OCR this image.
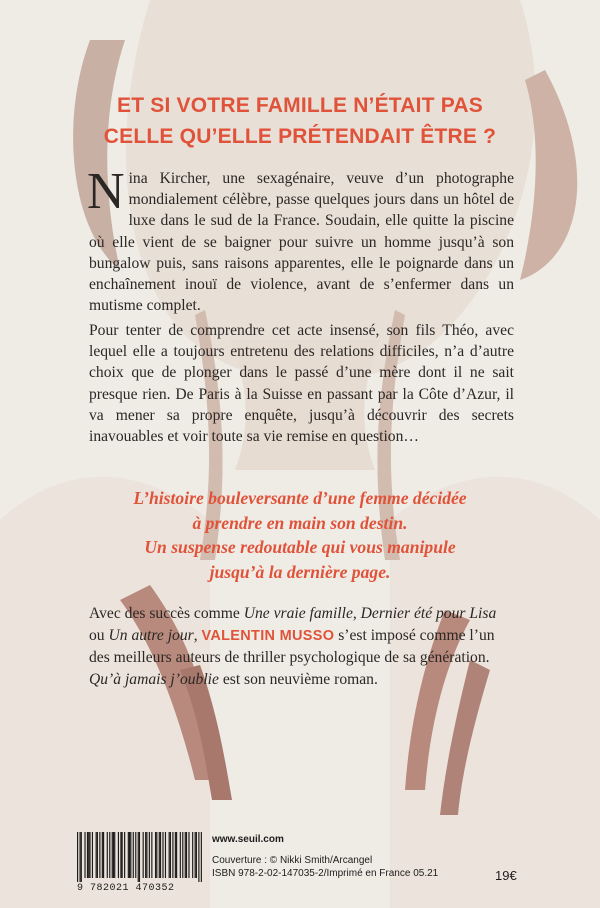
ET SI VOTRE FAMILLE N’ÉTAIT PAS
CELLE QU’ELLE PRÉTENDAIT ÊTRE ?
Nina Kircher, une sexagénaire, veuve d’un photographe mondialement célèbre, passe quelques jours dans un hôtel de luxe dans le sud de la France. Soudain, elle quitte la piscine où elle vient de se baigner pour suivre un homme jusqu’à son bungalow puis, sans raisons apparentes, elle le poignarde dans un enchaînement inouï de violence, avant de s’enfermer dans un mutisme complet.
Pour tenter de comprendre cet acte insensé, son fils Théo, avec lequel elle a toujours entretenu des relations difficiles, n’a d’autre choix que de plonger dans le passé d’une mère dont il ne sait presque rien. De Paris à la Suisse en passant par la Côte d’Azur, il va mener sa propre enquête, jusqu’à découvrir des secrets inavouables et voir toute sa vie remise en question…
L’histoire bouleversante d’une femme décidée
à prendre en main son destin.
Un suspense redoutable qui vous manipule
jusqu’à la dernière page.
Avec des succès comme Une vraie famille, Dernier été pour Lisa ou Un autre jour, VALENTIN MUSSO s’est imposé comme l’un des meilleurs auteurs de thriller psychologique de sa génération. Qu’à jamais j’oublie est son neuvième roman.
9 782021 470352
www.seuil.com
Couverture : © Nikki Smith/Arcangel
ISBN 978-2-02-147035-2/Imprimé en France 05.21	19€
